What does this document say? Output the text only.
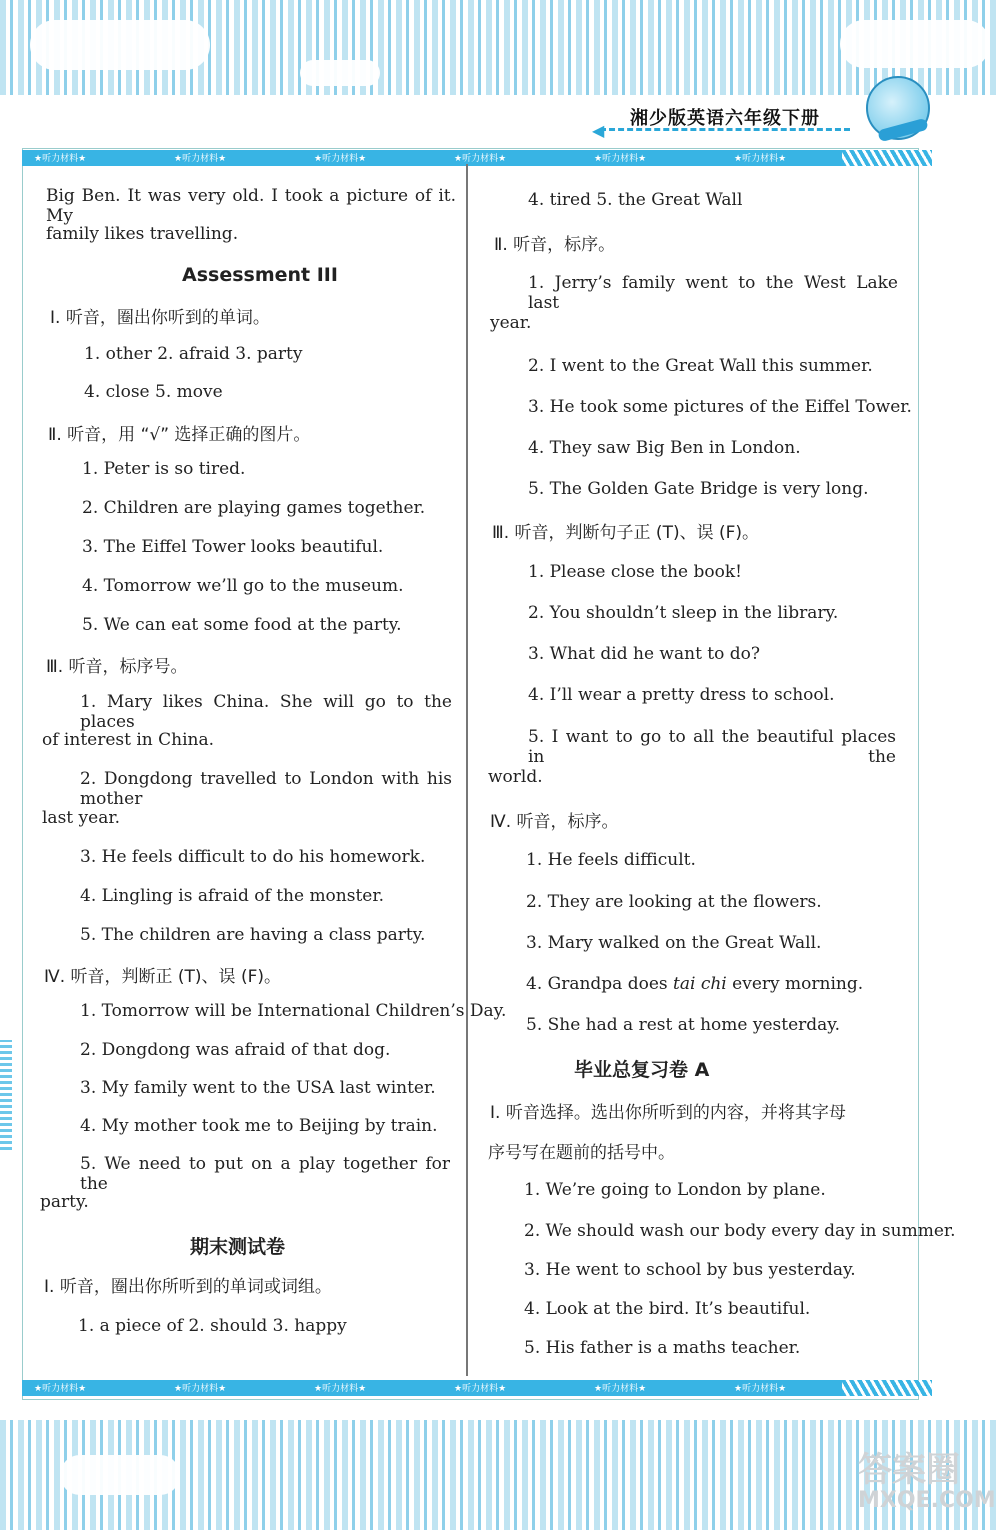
◀
湘少版英语六年级下册
★听力材料★	★听力材料★	★听力材料★	★听力材料★	★听力材料★	★听力材料★

Big Ben. It was very old. I took a picture of it. My

family likes travelling.

Assessment III

Ⅰ. 听音，圈出你听到的单词。

1. other 2. afraid 3. party

4. close 5. move

Ⅱ. 听音，用 “√” 选择正确的图片。

1. Peter is so tired.

2. Children are playing games together.

3. The Eiffel Tower looks beautiful.

4. Tomorrow we’ll go to the museum.

5. We can eat some food at the party.

Ⅲ. 听音，标序号。

1. Mary likes China. She will go to the places

of interest in China.

2. Dongdong travelled to London with his mother

last year.

3. He feels difficult to do his homework.

4. Lingling is afraid of the monster.

5. The children are having a class party.

Ⅳ. 听音，判断正 (T)、误 (F)。

1. Tomorrow will be International Children’s Day.

2. Dongdong was afraid of that dog.

3. My family went to the USA last winter.

4. My mother took me to Beijing by train.

5. We need to put on a play together for the

party.

期末测试卷

Ⅰ. 听音，圈出你所听到的单词或词组。

1. a piece of 2. should 3. happy

4. tired 5. the Great Wall

Ⅱ. 听音，标序。

1. Jerry’s family went to the West Lake last

year.

2. I went to the Great Wall this summer.

3. He took some pictures of the Eiffel Tower.

4. They saw Big Ben in London.

5. The Golden Gate Bridge is very long.

Ⅲ. 听音，判断句子正 (T)、误 (F)。

1. Please close the book!

2. You shouldn’t sleep in the library.

3. What did he want to do?

4. I’ll wear a pretty dress to school.

5. I want to go to all the beautiful places in the

world.

Ⅳ. 听音，标序。

1. He feels difficult.

2. They are looking at the flowers.

3. Mary walked on the Great Wall.

4. Grandpa does tai chi every morning.

5. She had a rest at home yesterday.

毕业总复习卷 A

Ⅰ. 听音选择。选出你所听到的内容，并将其字母

序号写在题前的括号中。

1. We’re going to London by plane.

2. We should wash our body every day in summer.

3. He went to school by bus yesterday.

4. Look at the bird. It’s beautiful.

5. His father is a maths teacher.

★听力材料★	★听力材料★	★听力材料★	★听力材料★	★听力材料★	★听力材料★
答案圈
MXQE.COM
